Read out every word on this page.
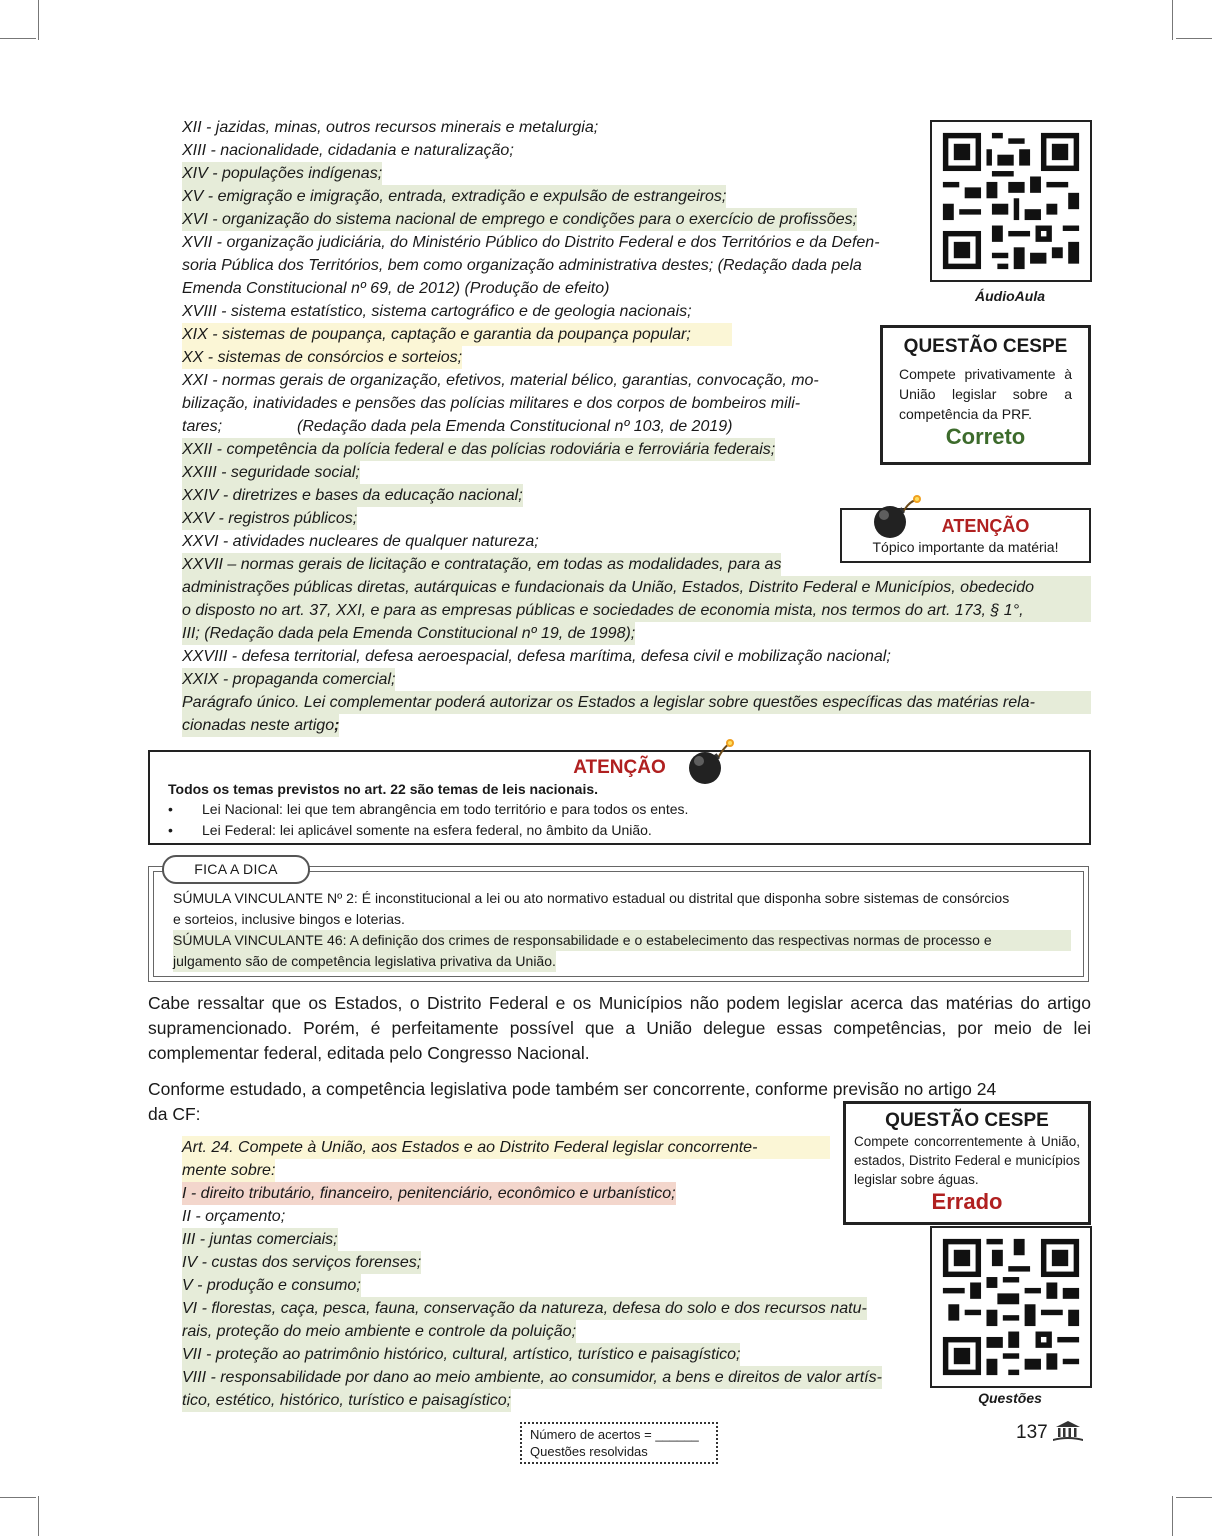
XII - jazidas, minas, outros recursos minerais e metalurgia;
XIII - nacionalidade, cidadania e naturalização;
XIV - populações indígenas;
XV - emigração e imigração, entrada, extradição e expulsão de estrangeiros;
XVI - organização do sistema nacional de emprego e condições para o exercício de profissões;
XVII - organização judiciária, do Ministério Público do Distrito Federal e dos Territórios e da Defen-
soria Pública dos Territórios, bem como organização administrativa destes; (Redação dada pela
Emenda Constitucional nº 69, de 2012) (Produção de efeito)
XVIII - sistema estatístico, sistema cartográfico e de geologia nacionais;
XIX - sistemas de poupança, captação e garantia da poupança popular;
XX - sistemas de consórcios e sorteios;
XXI - normas gerais de organização, efetivos, material bélico, garantias, convocação, mo-
bilização, inatividades e pensões das polícias militares e dos corpos de bombeiros mili-
tares;	(Redação dada pela Emenda Constitucional nº 103, de 2019)
XXII - competência da polícia federal e das polícias rodoviária e ferroviária federais;
XXIII - seguridade social;
XXIV - diretrizes e bases da educação nacional;
XXV - registros públicos;
XXVI - atividades nucleares de qualquer natureza;
XXVII – normas gerais de licitação e contratação, em todas as modalidades, para as
administrações públicas diretas, autárquicas e fundacionais da União, Estados, Distrito Federal e Municípios, obedecido
o disposto no art. 37, XXI, e para as empresas públicas e sociedades de economia mista, nos termos do art. 173, § 1°,
III; (Redação dada pela Emenda Constitucional nº 19, de 1998);
XXVIII - defesa territorial, defesa aeroespacial, defesa marítima, defesa civil e mobilização nacional;
XXIX - propaganda comercial;
Parágrafo único. Lei complementar poderá autorizar os Estados a legislar sobre questões específicas das matérias rela-
cionadas neste artigo;
ÁudioAula
QUESTÃO CESPE
Compete privativamente à União legislar sobre a competência da PRF.
Correto
ATENÇÃO
Tópico importante da matéria!
ATENÇÃO
Todos os temas previstos no art. 22 são temas de leis nacionais.
• Lei Nacional: lei que tem abrangência em todo território e para todos os entes.
• Lei Federal: lei aplicável somente na esfera federal, no âmbito da União.
FICA A DICA
SÚMULA VINCULANTE Nº 2: É inconstitucional a lei ou ato normativo estadual ou distrital que disponha sobre sistemas de consórcios
e sorteios, inclusive bingos e loterias.
SÚMULA VINCULANTE 46: A definição dos crimes de responsabilidade e o estabelecimento das respectivas normas de processo e
julgamento são de competência legislativa privativa da União.
Cabe ressaltar que os Estados, o Distrito Federal e os Municípios não podem legislar acerca das matérias do artigo supramencionado. Porém, é perfeitamente possível que a União delegue essas competências, por meio de lei complementar federal, editada pelo Congresso Nacional.
Conforme estudado, a competência legislativa pode também ser concorrente, conforme previsão no artigo 24
da CF:	QUESTÃO CESPE
Compete concorrentemente à União, estados, Distrito Federal e municípios legislar sobre águas.
Errado
Art. 24. Compete à União, aos Estados e ao Distrito Federal legislar concorrente-
mente sobre:
I - direito tributário, financeiro, penitenciário, econômico e urbanístico;
II - orçamento;
III - juntas comerciais;
IV - custas dos serviços forenses;
V - produção e consumo;
VI - florestas, caça, pesca, fauna, conservação da natureza, defesa do solo e dos recursos natu-
rais, proteção do meio ambiente e controle da poluição;
VII - proteção ao patrimônio histórico, cultural, artístico, turístico e paisagístico;
VIII - responsabilidade por dano ao meio ambiente, ao consumidor, a bens e direitos de valor artís-
tico, estético, histórico, turístico e paisagístico;	Questões
Número de acertos = ______
Questões resolvidas
137
